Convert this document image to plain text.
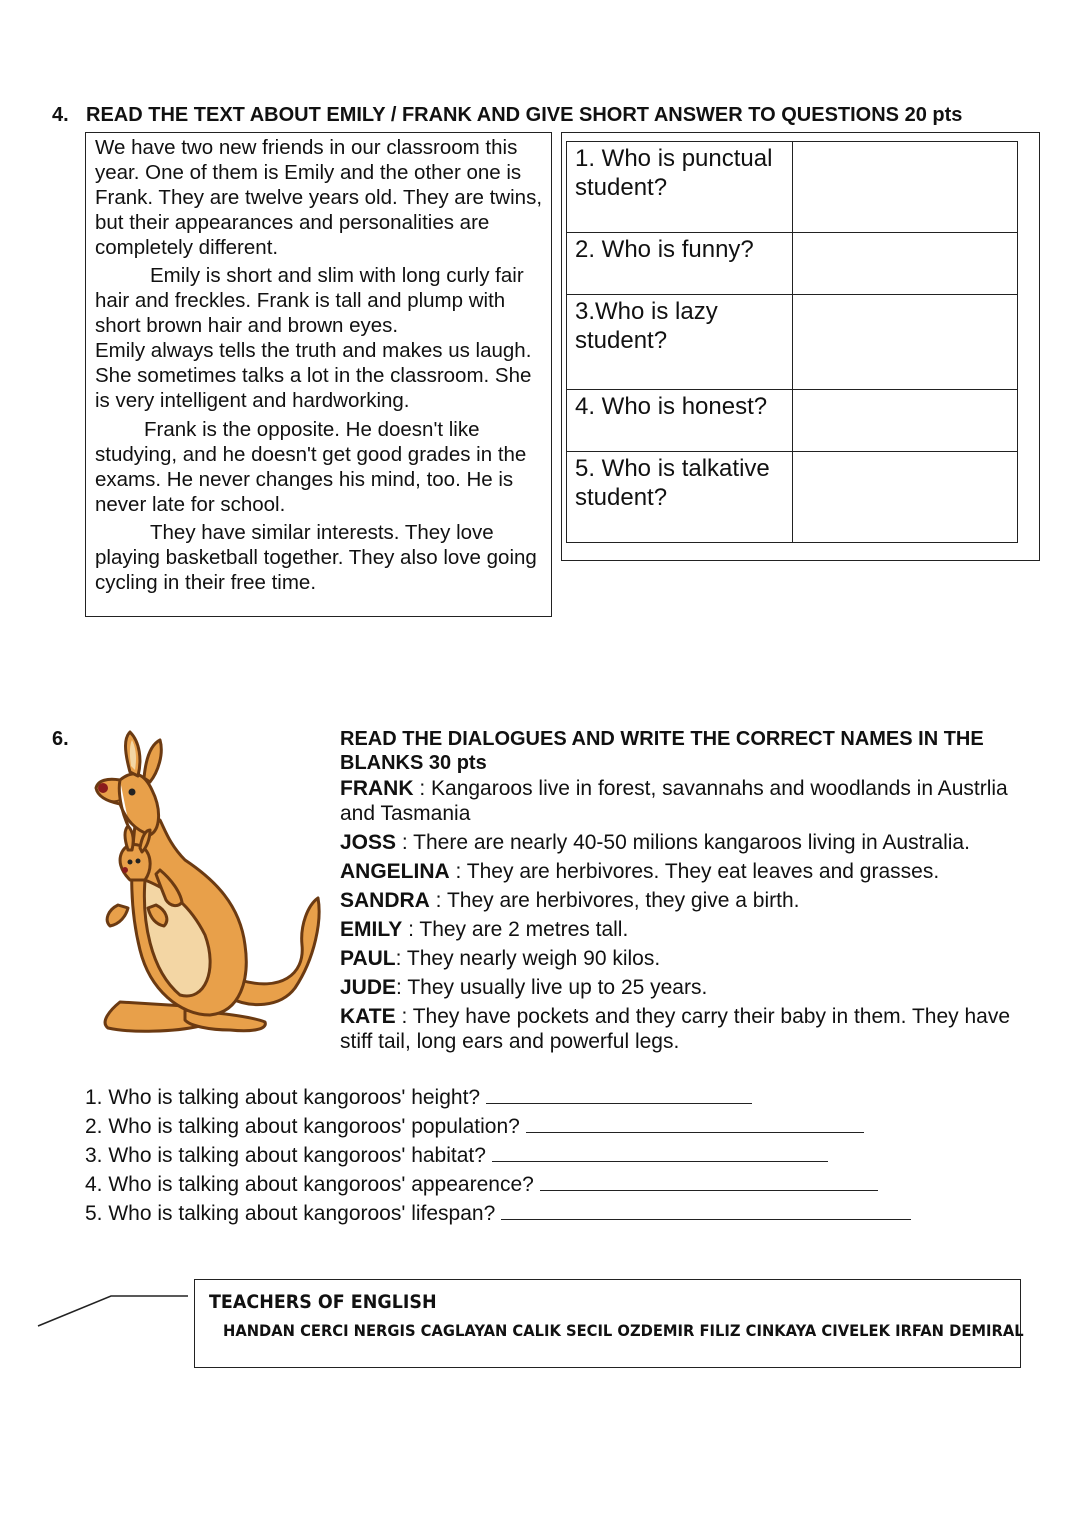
4. READ THE TEXT ABOUT EMILY / FRANK AND GIVE SHORT ANSWER TO QUESTIONS 20 pts

We have two new friends in our classroom this year. One of them is Emily and the other one is Frank. They are twelve years old. They are twins, but their appearances and personalities are completely different.

Emily is short and slim with long curly fair hair and freckles. Frank is tall and plump with short brown hair and brown eyes.

Emily always tells the truth and makes us laugh. She sometimes talks a lot in the classroom. She is very intelligent and hardworking.

Frank is the opposite. He doesn't like studying, and he doesn't get good grades in the exams. He never changes his mind, too. He is never late for school.

They have similar interests. They love playing basketball together. They also love going cycling in their free time.

1. Who is punctual student?	
2. Who is funny?	
3.Who is lazy student?	
4. Who is honest?	
5. Who is talkative student?	
6.	READ THE DIALOGUES AND WRITE THE CORRECT NAMES IN THE BLANKS 30 pts
FRANK : Kangaroos live in forest, savannahs and woodlands in Austrlia and Tasmania
JOSS : There are nearly 40-50 milions kangaroos living in Australia.
ANGELINA : They are herbivores. They eat leaves and grasses.
SANDRA : They are herbivores, they give a birth.
EMILY : They are 2 metres tall.
PAUL: They nearly weigh 90 kilos.
JUDE: They usually live up to 25 years.
KATE : They have pockets and they carry their baby in them. They have stiff tail, long ears and powerful legs.
1. Who is talking about kangoroos' height?
2. Who is talking about kangoroos' population?
3. Who is talking about kangoroos' habitat?
4. Who is talking about kangoroos' appearence?
5. Who is talking about kangoroos' lifespan?
TEACHERS OF ENGLISH
HANDAN CERCI NERGIS CAGLAYAN CALIK SECIL OZDEMIR FILIZ CINKAYA CIVELEK IRFAN DEMIRAL
